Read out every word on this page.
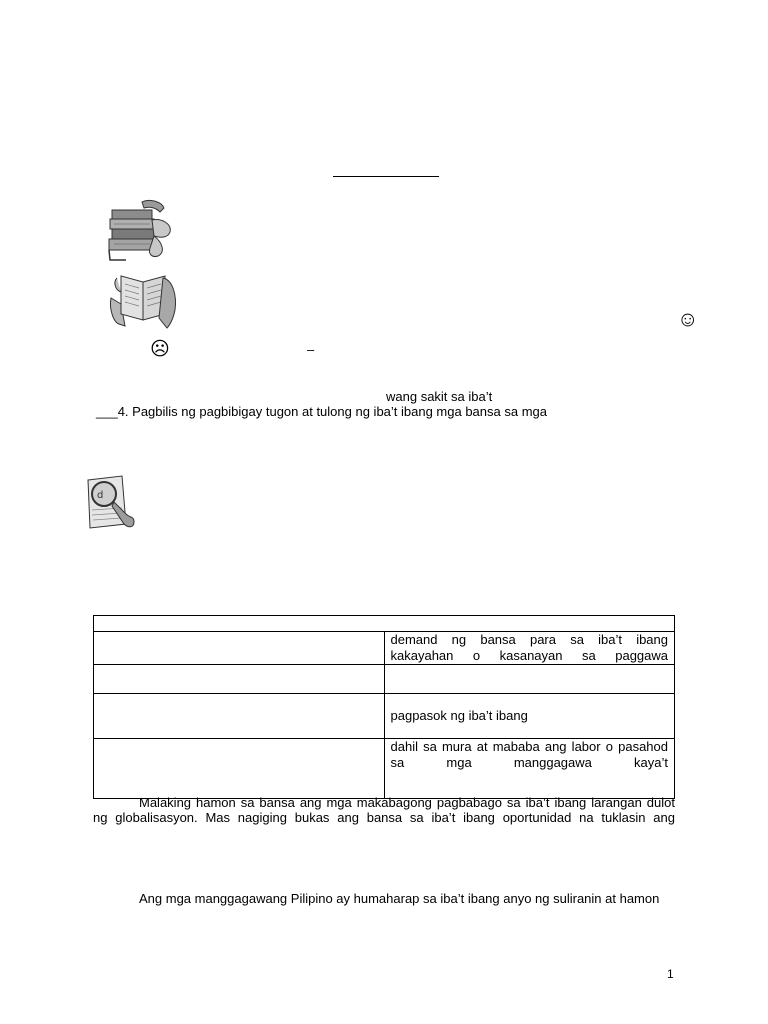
☺
☹	–
wang sakit sa iba’t
___4. Pagbilis ng pagbibigay tugon at tulong ng iba’t ibang mga bansa sa mga
d

	demand ng bansa para sa iba’t ibang kakayahan o kasanayan sa paggawa

	pagpasok ng iba’t ibang
	dahil sa mura at mababa ang labor o pasahod sa mga manggagawa kaya’t
Malaking hamon sa bansa ang mga makabagong pagbabago sa iba’t ibang larangan dulot
ng globalisasyon. Mas nagiging bukas ang bansa sa iba’t ibang oportunidad na tuklasin ang
Ang mga manggagawang Pilipino ay humaharap sa iba’t ibang anyo ng suliranin at hamon
1
